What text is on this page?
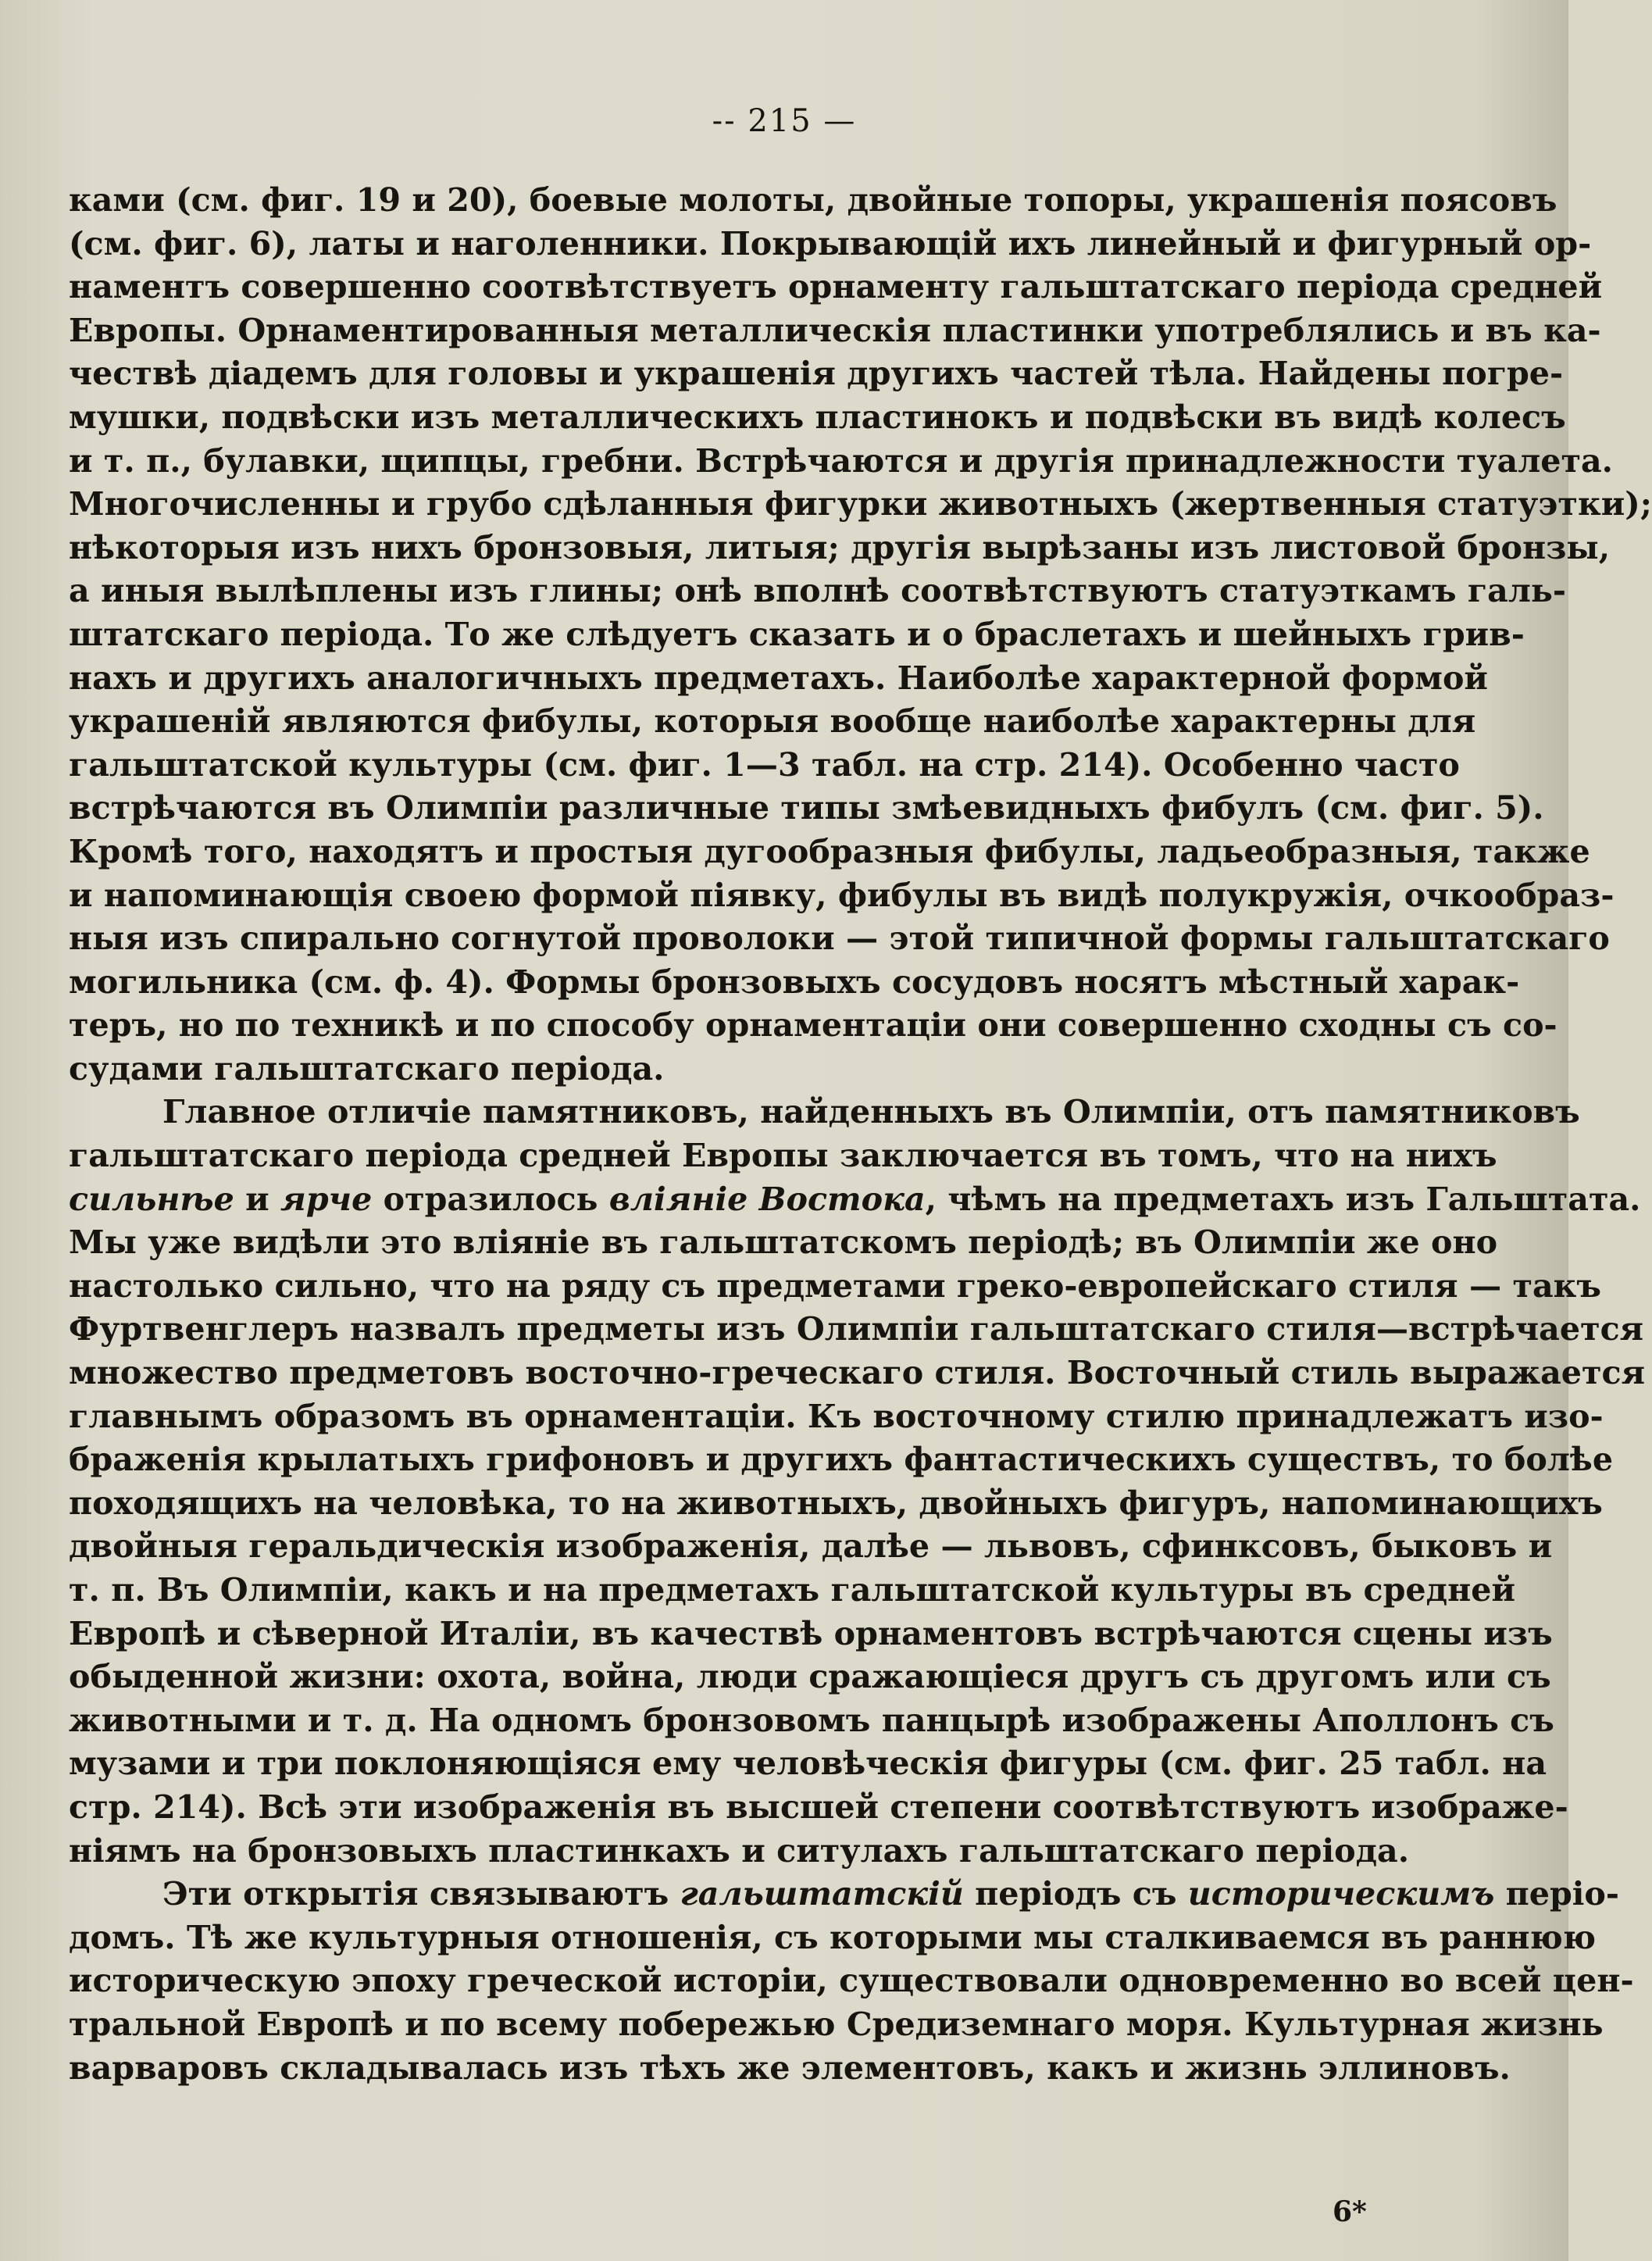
-- 215 —
ками (см. фиг. 19 и 20), боевые молоты, двойные топоры, украшенія поясовъ
(см. фиг. 6), латы и наголенники. Покрывающій ихъ линейный и фигурный ор-
наментъ совершенно соотвѣтствуетъ орнаменту гальштатскаго періода средней
Европы. Орнаментированныя металлическія пластинки употреблялись и въ ка-
чествѣ діадемъ для головы и украшенія другихъ частей тѣла. Найдены погре-
мушки, подвѣски изъ металлическихъ пластинокъ и подвѣски въ видѣ колесъ
и т. п., булавки, щипцы, гребни. Встрѣчаются и другія принадлежности туалета.
Многочисленны и грубо сдѣланныя фигурки животныхъ (жертвенныя статуэтки);
нѣкоторыя изъ нихъ бронзовыя, литыя; другія вырѣзаны изъ листовой бронзы,
а иныя вылѣплены изъ глины; онѣ вполнѣ соотвѣтствуютъ статуэткамъ галь-
штатскаго періода. То же слѣдуетъ сказать и о браслетахъ и шейныхъ грив-
нахъ и другихъ аналогичныхъ предметахъ. Наиболѣе характерной формой
украшеній являются фибулы, которыя вообще наиболѣе характерны для
гальштатской культуры (см. фиг. 1—3 табл. на стр. 214). Особенно часто
встрѣчаются въ Олимпіи различные типы змѣевидныхъ фибулъ (см. фиг. 5).
Кромѣ того, находятъ и простыя дугообразныя фибулы, ладьеобразныя, также
и напоминающія своею формой піявку, фибулы въ видѣ полукружія, очкообраз-
ныя изъ спирально согнутой проволоки — этой типичной формы гальштатскаго
могильника (см. ф. 4). Формы бронзовыхъ сосудовъ носятъ мѣстный харак-
теръ, но по техникѣ и по способу орнаментаціи они совершенно сходны съ со-
судами гальштатскаго періода.
Главное отличіе памятниковъ, найденныхъ въ Олимпіи, отъ памятниковъ
гальштатскаго періода средней Европы заключается въ томъ, что на нихъ
сильнѣе и ярче отразилось вліяніе Востока, чѣмъ на предметахъ изъ Гальштата.
Мы уже видѣли это вліяніе въ гальштатскомъ періодѣ; въ Олимпіи же оно
настолько сильно, что на ряду съ предметами греко-европейскаго стиля — такъ
Фуртвенглеръ назвалъ предметы изъ Олимпіи гальштатскаго стиля—встрѣчается
множество предметовъ восточно-греческаго стиля. Восточный стиль выражается
главнымъ образомъ въ орнаментаціи. Къ восточному стилю принадлежатъ изо-
браженія крылатыхъ грифоновъ и другихъ фантастическихъ существъ, то болѣе
походящихъ на человѣка, то на животныхъ, двойныхъ фигуръ, напоминающихъ
двойныя геральдическія изображенія, далѣе — львовъ, сфинксовъ, быковъ и
т. п. Въ Олимпіи, какъ и на предметахъ гальштатской культуры въ средней
Европѣ и сѣверной Италіи, въ качествѣ орнаментовъ встрѣчаются сцены изъ
обыденной жизни: охота, война, люди сражающіеся другъ съ другомъ или съ
животными и т. д. На одномъ бронзовомъ панцырѣ изображены Аполлонъ съ
музами и три поклоняющіяся ему человѣческія фигуры (см. фиг. 25 табл. на
стр. 214). Всѣ эти изображенія въ высшей степени соотвѣтствуютъ изображе-
ніямъ на бронзовыхъ пластинкахъ и ситулахъ гальштатскаго періода.
Эти открытія связываютъ гальштатскій періодъ съ историческимъ періо-
домъ. Тѣ же культурныя отношенія, съ которыми мы сталкиваемся въ раннюю
историческую эпоху греческой исторіи, существовали одновременно во всей цен-
тральной Европѣ и по всему побережью Средиземнаго моря. Культурная жизнь
варваровъ складывалась изъ тѣхъ же элементовъ, какъ и жизнь эллиновъ.
6*
